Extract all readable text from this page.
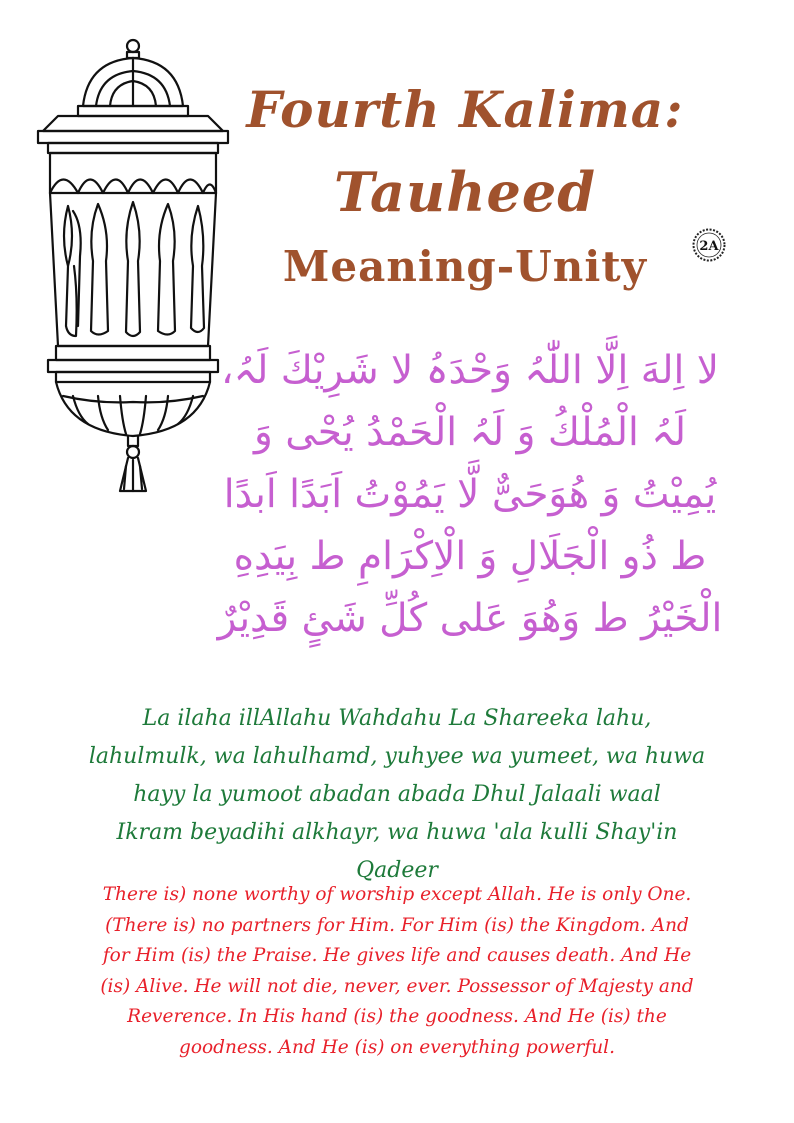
Fourth Kalima:
Tauheed
Meaning-Unity	2A
لا اِلهَ اِلَّا اللّٰہُ وَحْدَہُ لا شَرِيْكَ لَہُ،
لَہُ الْمُلْكُ وَ لَہُ الْحَمْدُ يُحْى وَ
يُمِيْتُ وَ هُوَحَىٌّ لَّا يَمُوْتُ اَبَدًا اَبدًا
ط ذُو الْجَلَالِ وَ الْاِكْرَامِ ط بِيَدِهِ
الْخَيْرُ ط وَهُوَ عَلى كُلِّ شَئٍ قَدِيْرٌ
La ilaha illAllahu Wahdahu La Shareeka lahu,
lahulmulk, wa lahulhamd, yuhyee wa yumeet, wa huwa
hayy la yumoot abadan abada Dhul Jalaali waal
Ikram beyadihi alkhayr, wa huwa 'ala kulli Shay'in
Qadeer
There is) none worthy of worship except Allah. He is only One.
(There is) no partners for Him. For Him (is) the Kingdom. And
for Him (is) the Praise. He gives life and causes death. And He
(is) Alive. He will not die, never, ever. Possessor of Majesty and
Reverence. In His hand (is) the goodness. And He (is) the
goodness. And He (is) on everything powerful.
